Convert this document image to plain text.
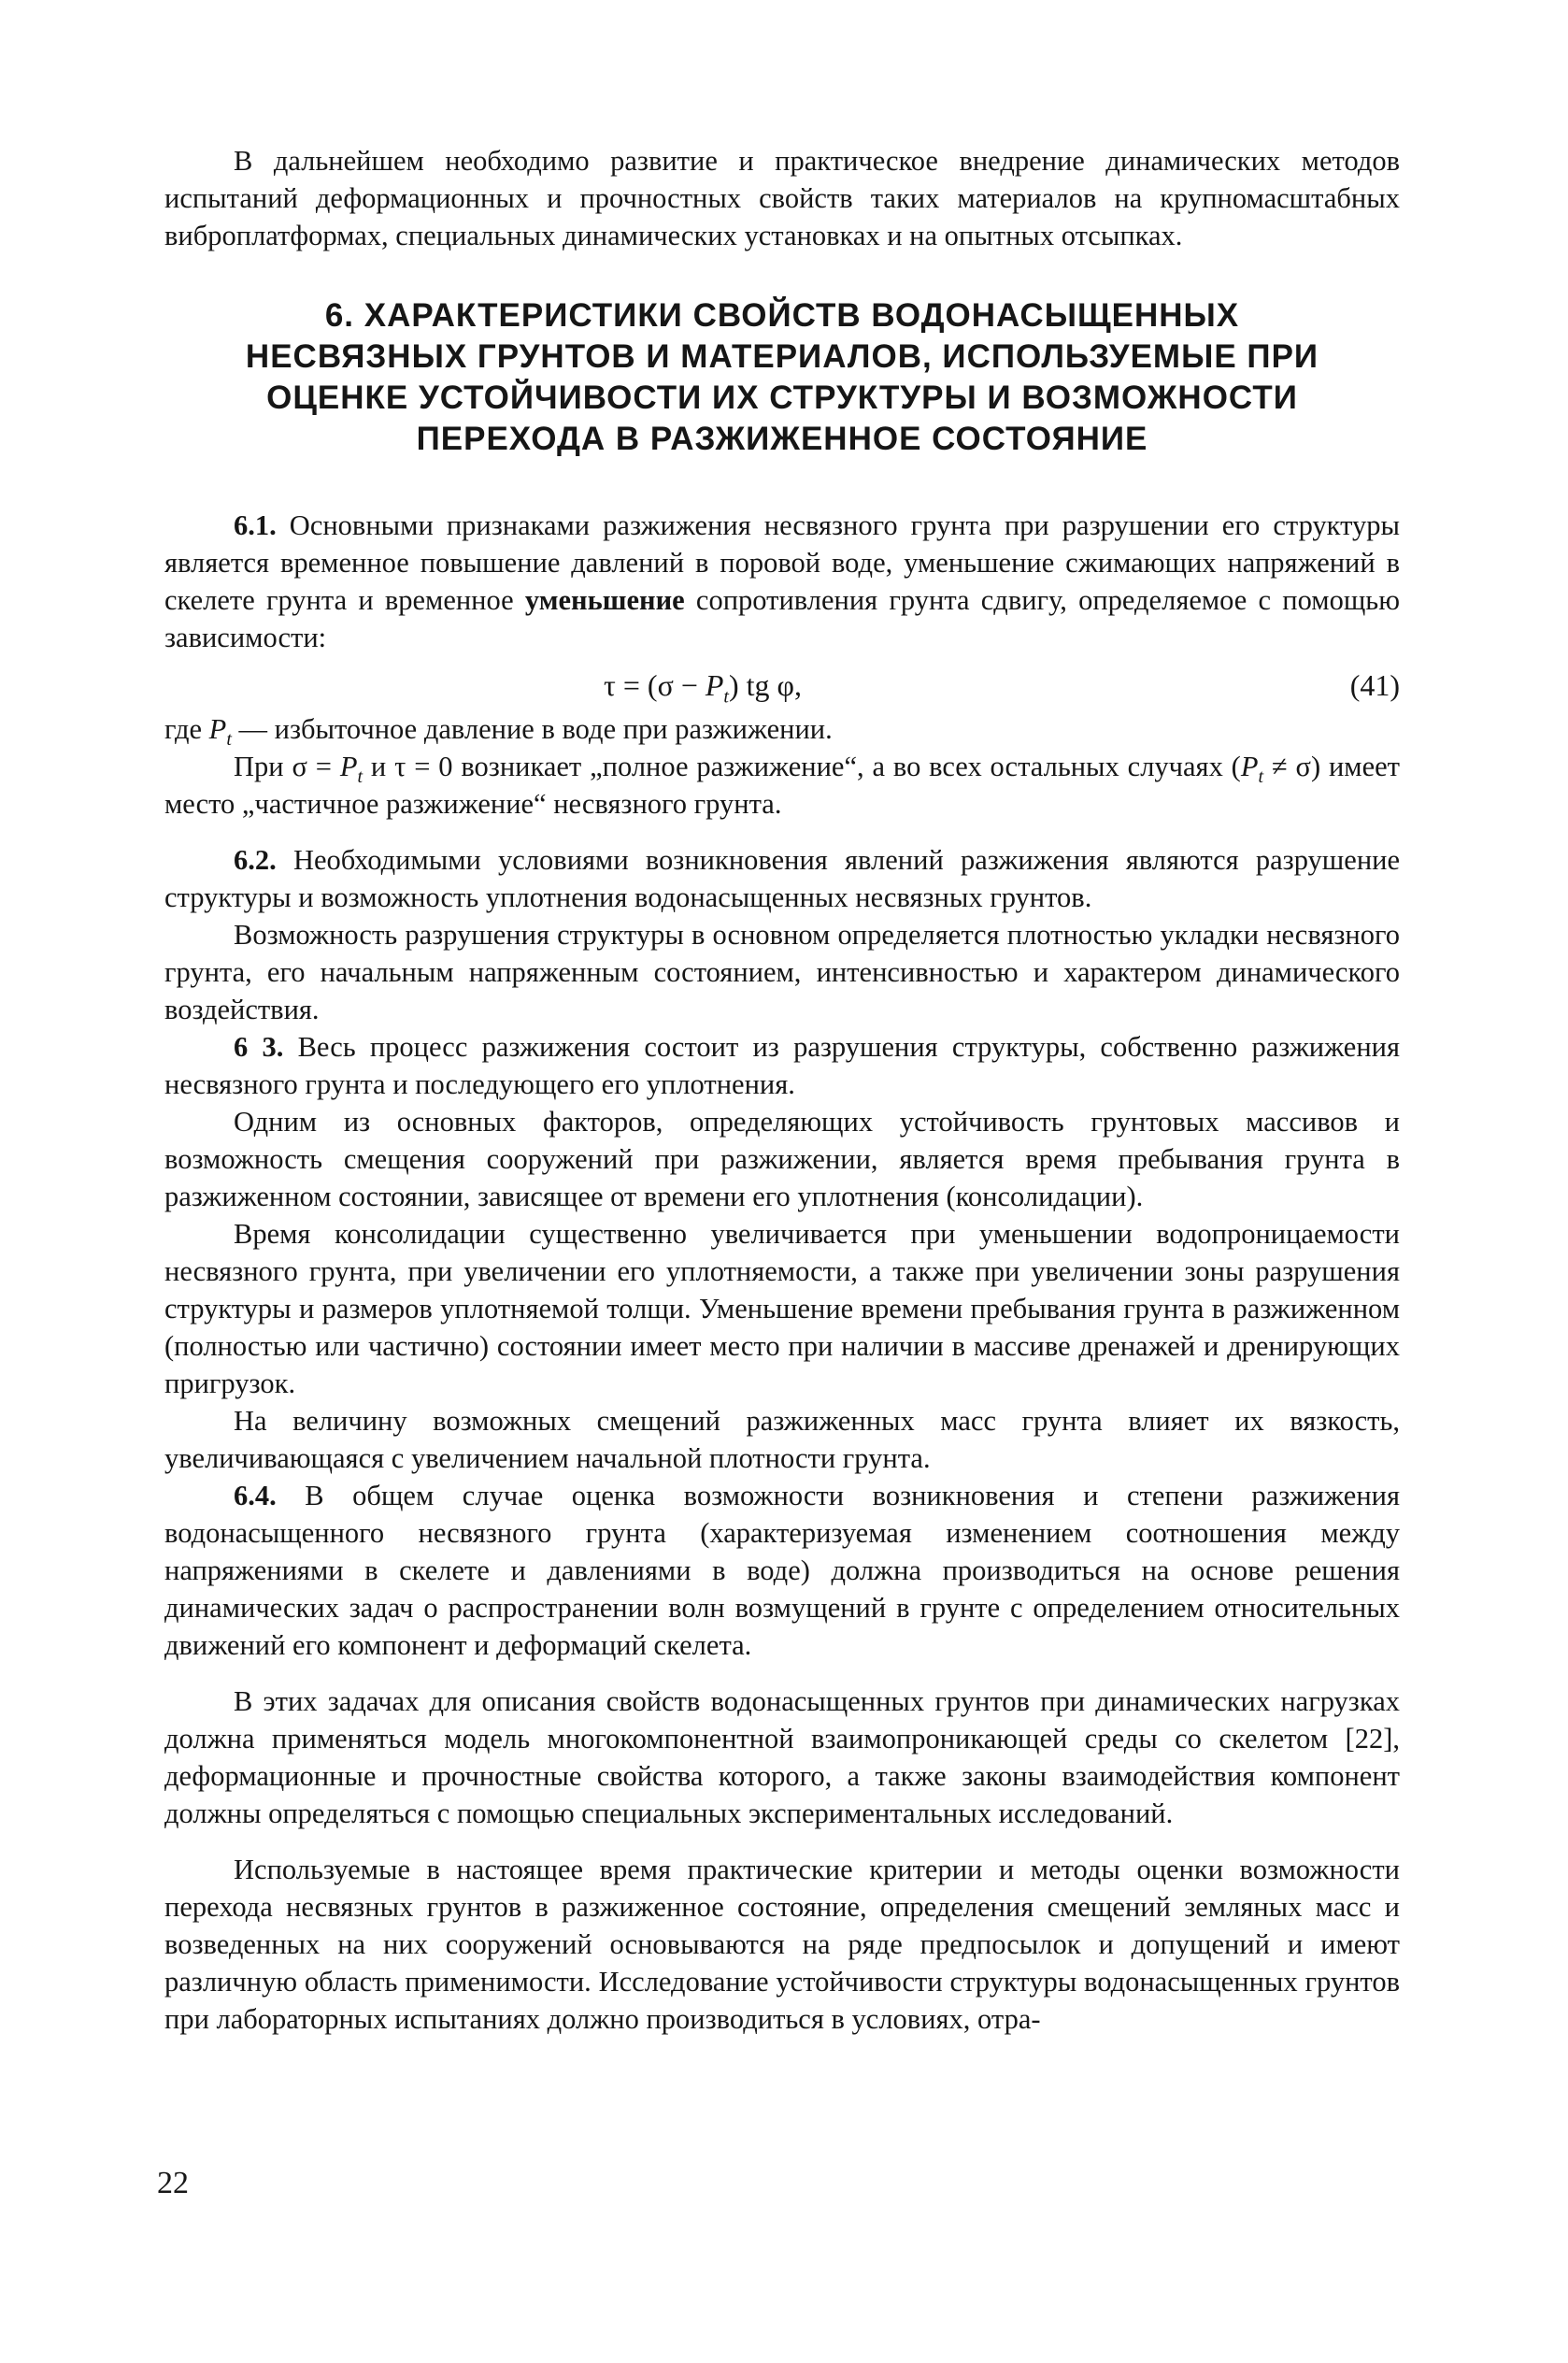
В дальнейшем необходимо развитие и практическое внедрение динамических методов испытаний деформационных и прочностных свойств таких материалов на крупномасштабных виброплатформах, специальных динамических установках и на опытных отсыпках.

6. ХАРАКТЕРИСТИКИ СВОЙСТВ ВОДОНАСЫЩЕННЫХ
НЕСВЯЗНЫХ ГРУНТОВ И МАТЕРИАЛОВ, ИСПОЛЬЗУЕМЫЕ ПРИ
ОЦЕНКЕ УСТОЙЧИВОСТИ ИХ СТРУКТУРЫ И ВОЗМОЖНОСТИ
ПЕРЕХОДА В РАЗЖИЖЕННОЕ СОСТОЯНИЕ

6.1. Основными признаками разжижения несвязного грунта при разрушении его структуры является временное повышение давлений в поровой воде, уменьшение сжимающих напряжений в скелете грунта и временное уменьшение сопротивления грунта сдвигу, определяемое с помощью зависимости:

$\tau = (\sigma - P_t)$ tg φ,	(41)

где $P_t$ — избыточное давление в воде при разжижении.

При $\sigma = P_t$ и τ = 0 возникает „полное разжижение“, а во всех остальных случаях $(P_t \ne \sigma)$ имеет место „частичное разжижение“ несвязного грунта.

6.2. Необходимыми условиями возникновения явлений разжижения являются разрушение структуры и возможность уплотнения водонасыщенных несвязных грунтов.

Возможность разрушения структуры в основном определяется плотностью укладки несвязного грунта, его начальным напряженным состоянием, интенсивностью и характером динамического воздействия.

6 3. Весь процесс разжижения состоит из разрушения структуры, собственно разжижения несвязного грунта и последующего его уплотнения.

Одним из основных факторов, определяющих устойчивость грунтовых массивов и возможность смещения сооружений при разжижении, является время пребывания грунта в разжиженном состоянии, зависящее от времени его уплотнения (консолидации).

Время консолидации существенно увеличивается при уменьшении водопроницаемости несвязного грунта, при увеличении его уплотняемости, а также при увеличении зоны разрушения структуры и размеров уплотняемой толщи. Уменьшение времени пребывания грунта в разжиженном (полностью или частично) состоянии имеет место при наличии в массиве дренажей и дренирующих пригрузок.

На величину возможных смещений разжиженных масс грунта влияет их вязкость, увеличивающаяся с увеличением начальной плотности грунта.

6.4. В общем случае оценка возможности возникновения и степени разжижения водонасыщенного несвязного грунта (характеризуемая изменением соотношения между напряжениями в скелете и давлениями в воде) должна производиться на основе решения динамических задач о распространении волн возмущений в грунте с определением относительных движений его компонент и деформаций скелета.

В этих задачах для описания свойств водонасыщенных грунтов при динамических нагрузках должна применяться модель многокомпонентной взаимопроникающей среды со скелетом [22], деформационные и прочностные свойства которого, а также законы взаимодействия компонент должны определяться с помощью специальных экспериментальных исследований.

Используемые в настоящее время практические критерии и методы оценки возможности перехода несвязных грунтов в разжиженное состояние, определения смещений земляных масс и возведенных на них сооружений основываются на ряде предпосылок и допущений и имеют различную область применимости. Исследование устойчивости структуры водонасыщенных грунтов при лабораторных испытаниях должно производиться в условиях, отра-

22
